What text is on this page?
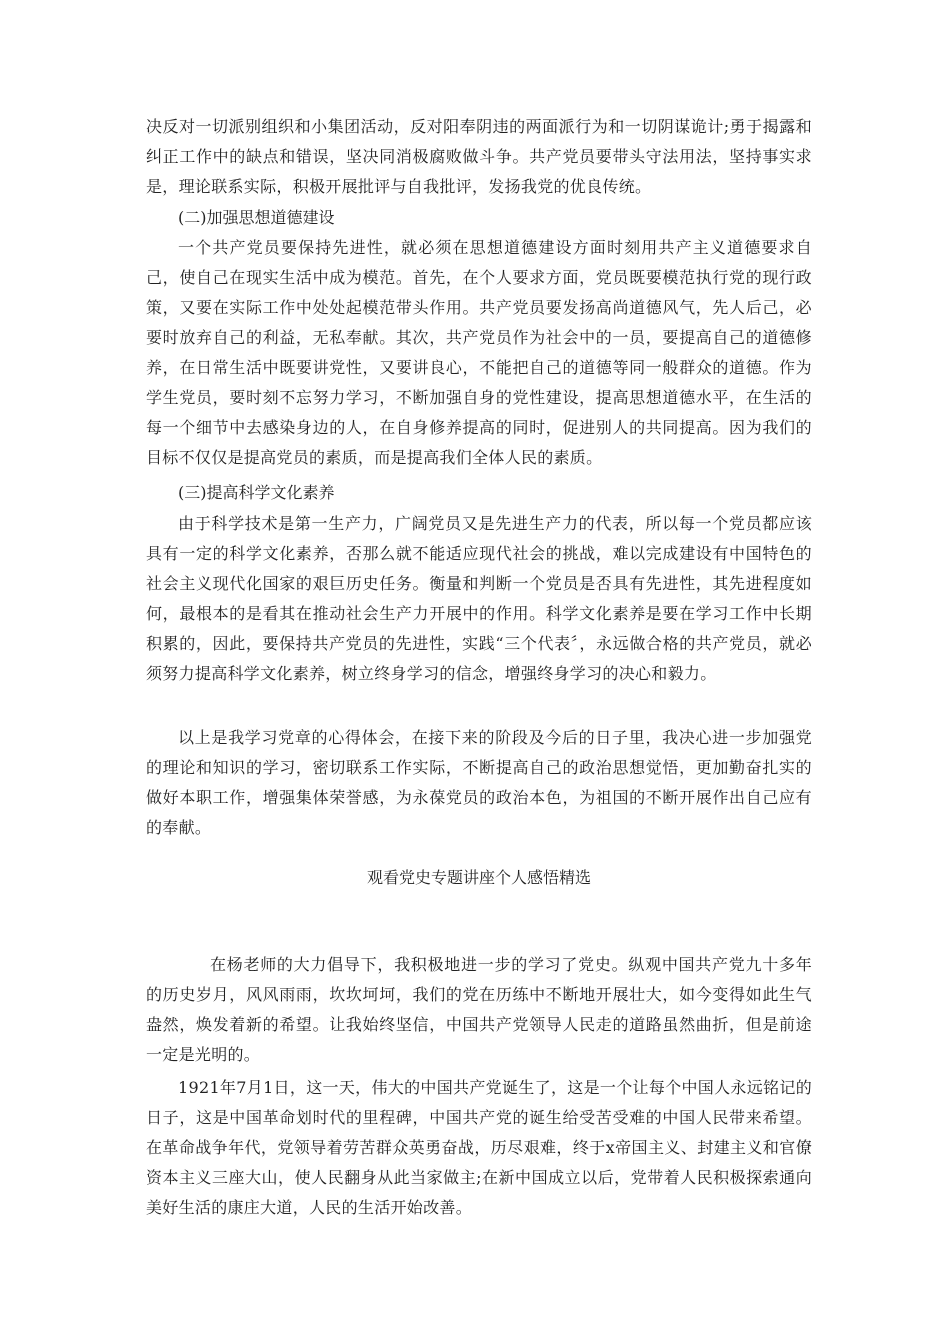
决反对一切派别组织和小集团活动，反对阳奉阴违的两面派行为和一切阴谋诡计;勇于揭露和纠正工作中的缺点和错误，坚决同消极腐败做斗争。共产党员要带头守法用法，坚持事实求是，理论联系实际，积极开展批评与自我批评，发扬我党的优良传统。

(二)加强思想道德建设

一个共产党员要保持先进性，就必须在思想道德建设方面时刻用共产主义道德要求自己，使自己在现实生活中成为模范。首先，在个人要求方面，党员既要模范执行党的现行政策，又要在实际工作中处处起模范带头作用。共产党员要发扬高尚道德风气，先人后己，必要时放弃自己的利益，无私奉献。其次，共产党员作为社会中的一员，要提高自己的道德修养，在日常生活中既要讲党性，又要讲良心，不能把自己的道德等同一般群众的道德。作为学生党员，要时刻不忘努力学习，不断加强自身的党性建设，提高思想道德水平，在生活的每一个细节中去感染身边的人，在自身修养提高的同时，促进别人的共同提高。因为我们的目标不仅仅是提高党员的素质，而是提高我们全体人民的素质。

(三)提高科学文化素养

由于科学技术是第一生产力，广阔党员又是先进生产力的代表，所以每一个党员都应该具有一定的科学文化素养，否那么就不能适应现代社会的挑战，难以完成建设有中国特色的社会主义现代化国家的艰巨历史任务。衡量和判断一个党员是否具有先进性，其先进程度如何，最根本的是看其在推动社会生产力开展中的作用。科学文化素养是要在学习工作中长期积累的，因此，要保持共产党员的先进性，实践“三个代表〞，永远做合格的共产党员，就必须努力提高科学文化素养，树立终身学习的信念，增强终身学习的决心和毅力。

以上是我学习党章的心得体会，在接下来的阶段及今后的日子里，我决心进一步加强党的理论和知识的学习，密切联系工作实际，不断提高自己的政治思想觉悟，更加勤奋扎实的做好本职工作，增强集体荣誉感，为永葆党员的政治本色，为祖国的不断开展作出自己应有的奉献。

观看党史专题讲座个人感悟精选

在杨老师的大力倡导下，我积极地进一步的学习了党史。纵观中国共产党九十多年的历史岁月，风风雨雨，坎坎坷坷，我们的党在历练中不断地开展壮大，如今变得如此生气盎然，焕发着新的希望。让我始终坚信，中国共产党领导人民走的道路虽然曲折，但是前途一定是光明的。

1921年7月1日，这一天，伟大的中国共产党诞生了，这是一个让每个中国人永远铭记的日子，这是中国革命划时代的里程碑，中国共产党的诞生给受苦受难的中国人民带来希望。在革命战争年代，党领导着劳苦群众英勇奋战，历尽艰难，终于x帝国主义、封建主义和官僚资本主义三座大山，使人民翻身从此当家做主;在新中国成立以后，党带着人民积极探索通向美好生活的康庄大道，人民的生活开始改善。
